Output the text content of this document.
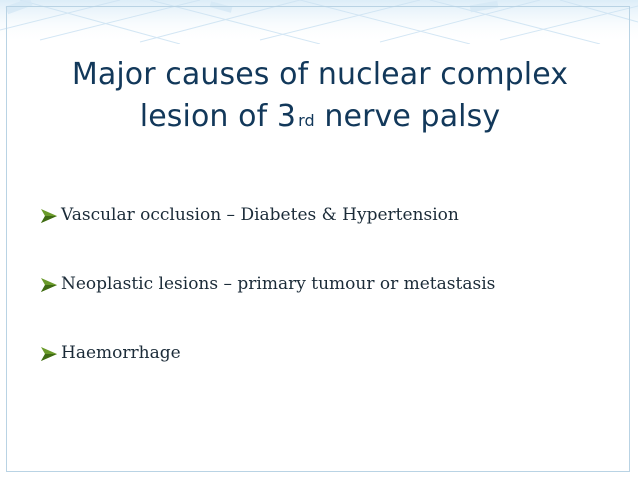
Major causes of nuclear complex
lesion of 3 $^{rd}$ nerve palsy
Vascular occlusion – Diabetes & Hypertension
Neoplastic lesions – primary tumour or metastasis
Haemorrhage
